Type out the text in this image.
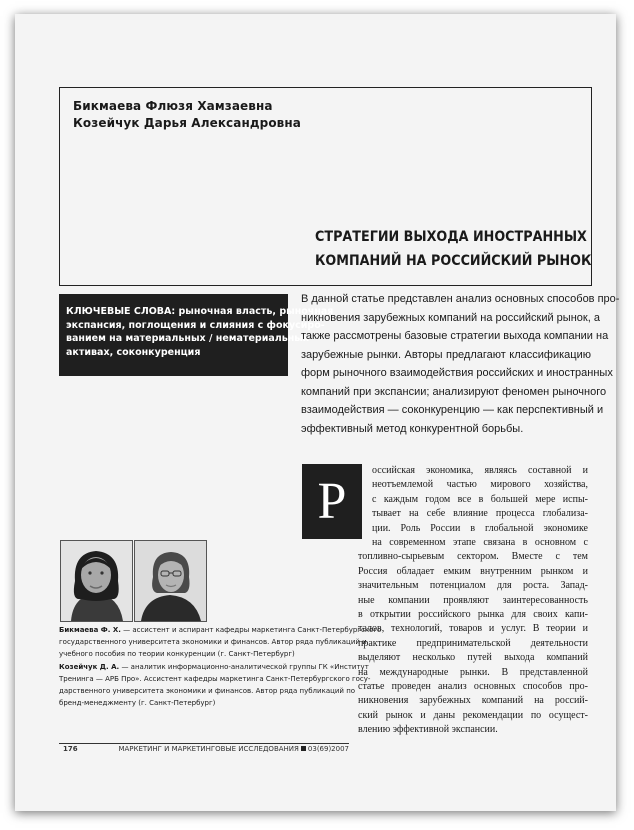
Бикмаева Флюзя Хамзаевна
Козейчук Дарья Александровна
СТРАТЕГИИ ВЫХОДА ИНОСТРАННЫХ
КОМПАНИЙ НА РОССИЙСКИЙ РЫНОК
КЛЮЧЕВЫЕ СЛОВА: рыночная власть, рыночная
экспансия, поглощения и слияния с фокусиро-
ванием на материальных / нематериальных
активах, соконкуренция
В данной статье представлен анализ основных способов про-
никновения зарубежных компаний на российский рынок, а
также рассмотрены базовые стратегии выхода компании на
зарубежные рынки. Авторы предлагают классификацию
форм рыночного взаимодействия российских и иностранных
компаний при экспансии; анализируют феномен рыночного
взаимодействия — соконкуренцию — как перспективный и
эффективный метод конкурентной борьбы.
Р
оссийская экономика, являясь составной и
неотъемлемой частью мирового хозяйства,
с каждым годом все в большей мере испы-
тывает на себе влияние процесса глобализа-
ции. Роль России в глобальной экономике
на современном этапе связана в основном с
топливно-сырьевым сектором. Вместе с тем
Россия обладает емким внутренним рынком и
значительным потенциалом для роста. Запад-
ные компании проявляют заинтересованность
в открытии российского рынка для своих капи-
талов, технологий, товаров и услуг. В теории и
практике предпринимательской деятельности
выделяют несколько путей выхода компаний
на международные рынки. В представленной
статье проведен анализ основных способов про-
никновения зарубежных компаний на россий-
ский рынок и даны рекомендации по осущест-
влению эффективной экспансии.
Бикмаева Ф. Х. — ассистент и аспирант кафедры маркетинга Санкт-Петербургского
государственного университета экономики и финансов. Автор ряда публикаций и
учебного пособия по теории конкуренции (г. Санкт-Петербург)
Козейчук Д. А. — аналитик информационно-аналитической группы ГК «Институт
Тренинга — АРБ Про». Ассистент кафедры маркетинга Санкт-Петербургского госу-
дарственного университета экономики и финансов. Автор ряда публикаций по
бренд-менеджменту (г. Санкт-Петербург)
176	МАРКЕТИНГ И МАРКЕТИНГОВЫЕ ИССЛЕДОВАНИЯ 03(69)2007
